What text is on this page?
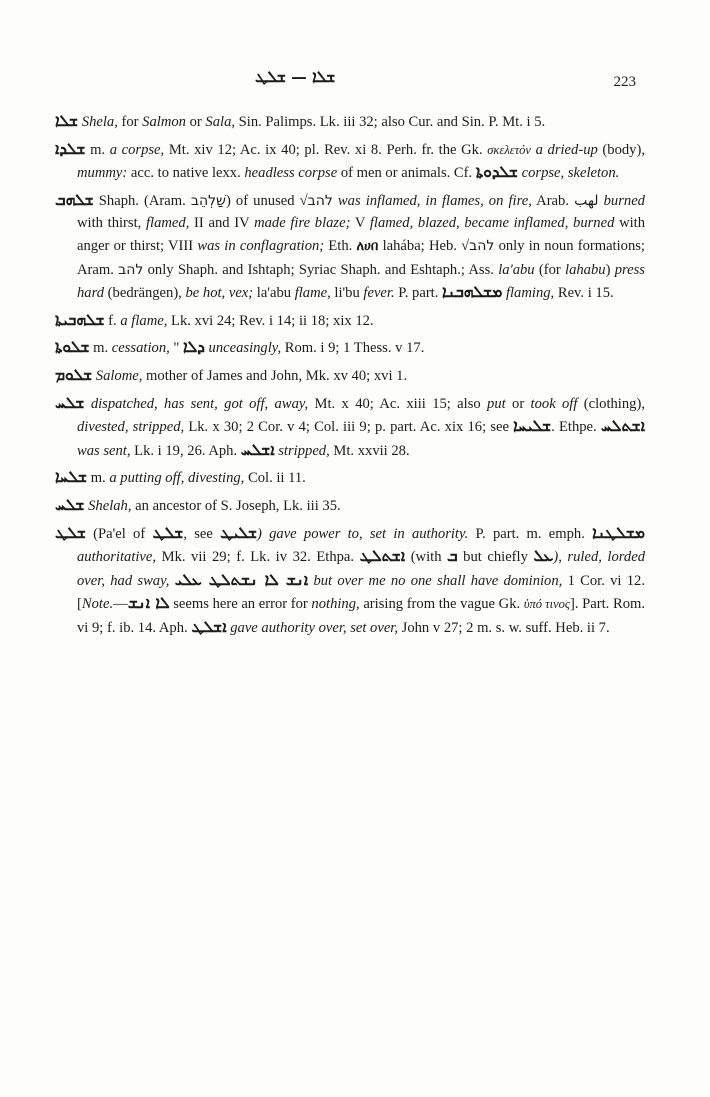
ܫܠܐ — ܫܠܛ	223

ܫܠܐ Shela, for Salmon or Sala, Sin. Palimps. Lk. iii 32; also Cur. and Sin. P. Mt. i 5.

ܫܠܕܐ m. a corpse, Mt. xiv 12; Ac. ix 40; pl. Rev. xi 8. Perh. fr. the Gk. σκελετόν a dried-up (body), mummy: acc. to native lexx. headless corpse of men or animals. Cf. ܫܠܕܘܬܐ corpse, skeleton.

ܫܠܗܒ Shaph. (Aram. שַׁלְהֵב) of unused √להב was inflamed, in flames, on fire, Arab. لهب burned with thirst, flamed, II and IV made fire blaze; V flamed, blazed, became inflamed, burned with anger or thirst; VIII was in conflagration; Eth. ለሀበ lahába; Heb. √להב only in noun formations; Aram. להב only Shaph. and Ishtaph; Syriac Shaph. and Eshtaph.; Ass. la'abu (for lahabu) press hard (bedrängen), be hot, vex; la'abu flame, li'bu fever. P. part. ܡܫܠܗܒܢܐ flaming, Rev. i 15.

ܫܠܗܒܝܬܐ f. a flame, Lk. xvi 24; Rev. i 14; ii 18; xix 12.

ܫܠܘܬܐ m. cessation, " ܕܠܐ unceasingly, Rom. i 9; 1 Thess. v 17.

ܫܠܘܡ Salome, mother of James and John, Mk. xv 40; xvi 1.

ܫܠܚ dispatched, has sent, got off, away, Mt. x 40; Ac. xiii 15; also put or took off (clothing), divested, stripped, Lk. x 30; 2 Cor. v 4; Col. iii 9; p. part. Ac. xix 16; see ܫܠܝܚܐ. Ethpe. ܐܫܬܠܚ was sent, Lk. i 19, 26. Aph. ܐܫܠܚ stripped, Mt. xxvii 28.

ܫܠܚܐ m. a putting off, divesting, Col. ii 11.

ܫܠܚ Shelah, an ancestor of S. Joseph, Lk. iii 35.

ܫܠܛ (Pa'el of ܫܠܛ, see ܫܠܝܛ) gave power to, set in authority. P. part. m. emph. ܡܫܠܛܢܐ authoritative, Mk. vii 29; f. Lk. iv 32. Ethpa. ܐܫܬܠܛ (with ܒ but chiefly ܥܠ), ruled, lorded over, had sway, ܐܢܫ ܠܐ ܢܫܬܠܛ ܥܠܝ but over me no one shall have dominion, 1 Cor. vi 12. [Note.—ܠܐ ܐܢܫ seems here an error for nothing, arising from the vague Gk. ὑπό τινος]. Part. Rom. vi 9; f. ib. 14. Aph. ܐܫܠܛ gave authority over, set over, John v 27; 2 m. s. w. suff. Heb. ii 7.
